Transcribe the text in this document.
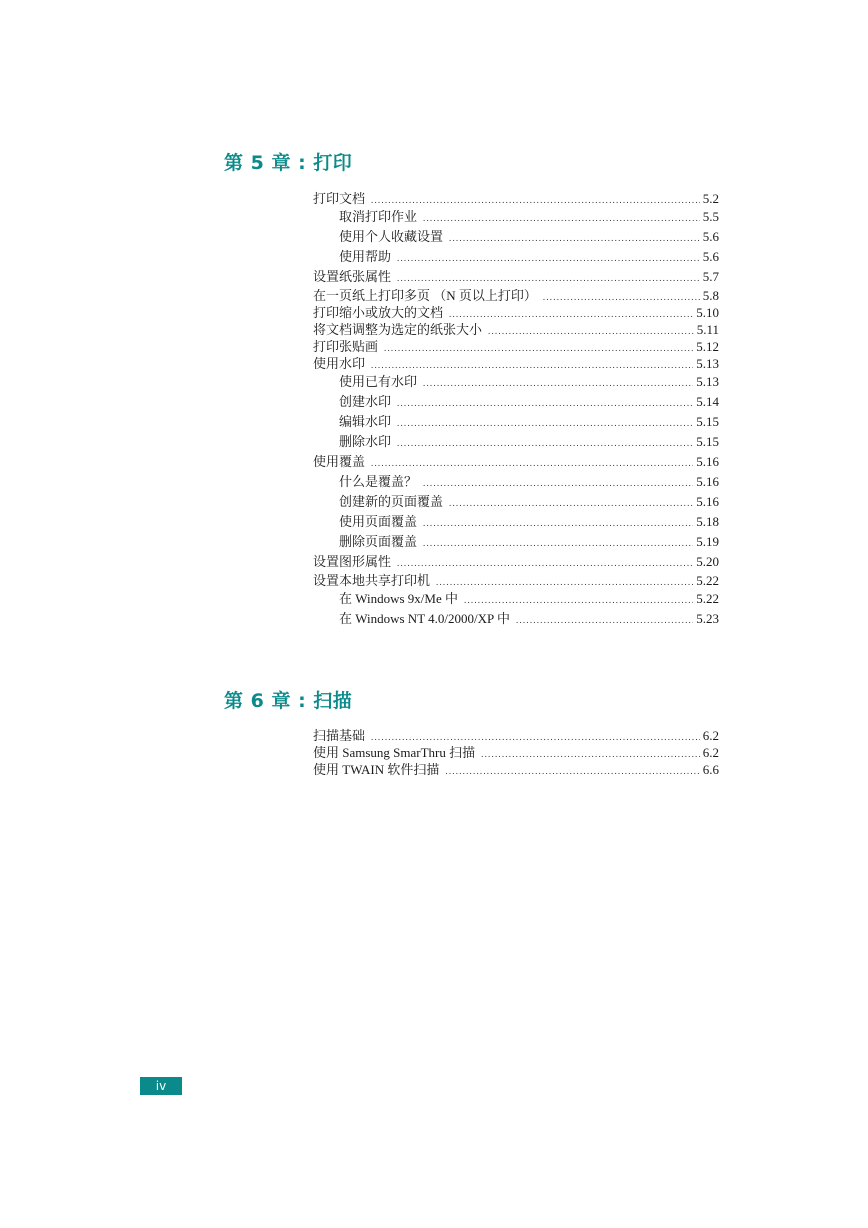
第 5 章 : 打印
打印文档 .....	5.2
取消打印作业 .....	5.5
使用个人收藏设置 .....	5.6
使用帮助 .....	5.6
设置纸张属性 .....	5.7
在一页纸上打印多页 （N 页以上打印） .....	5.8
打印缩小或放大的文档 .....	5.10
将文档调整为选定的纸张大小 .....	5.11
打印张贴画 .....	5.12
使用水印 .....	5.13
使用已有水印 .....	5.13
创建水印 .....	5.14
编辑水印 .....	5.15
删除水印 .....	5.15
使用覆盖 .....	5.16
什么是覆盖？ .....	5.16
创建新的页面覆盖 .....	5.16
使用页面覆盖 .....	5.18
删除页面覆盖 .....	5.19
设置图形属性 .....	5.20
设置本地共享打印机 .....	5.22
在 Windows 9x/Me 中 .....	5.22
在 Windows NT 4.0/2000/XP 中 .....	5.23
第 6 章 : 扫描
扫描基础 .....	6.2
使用 Samsung SmarThru 扫描 .....	6.2
使用 TWAIN 软件扫描 .....	6.6
iv
